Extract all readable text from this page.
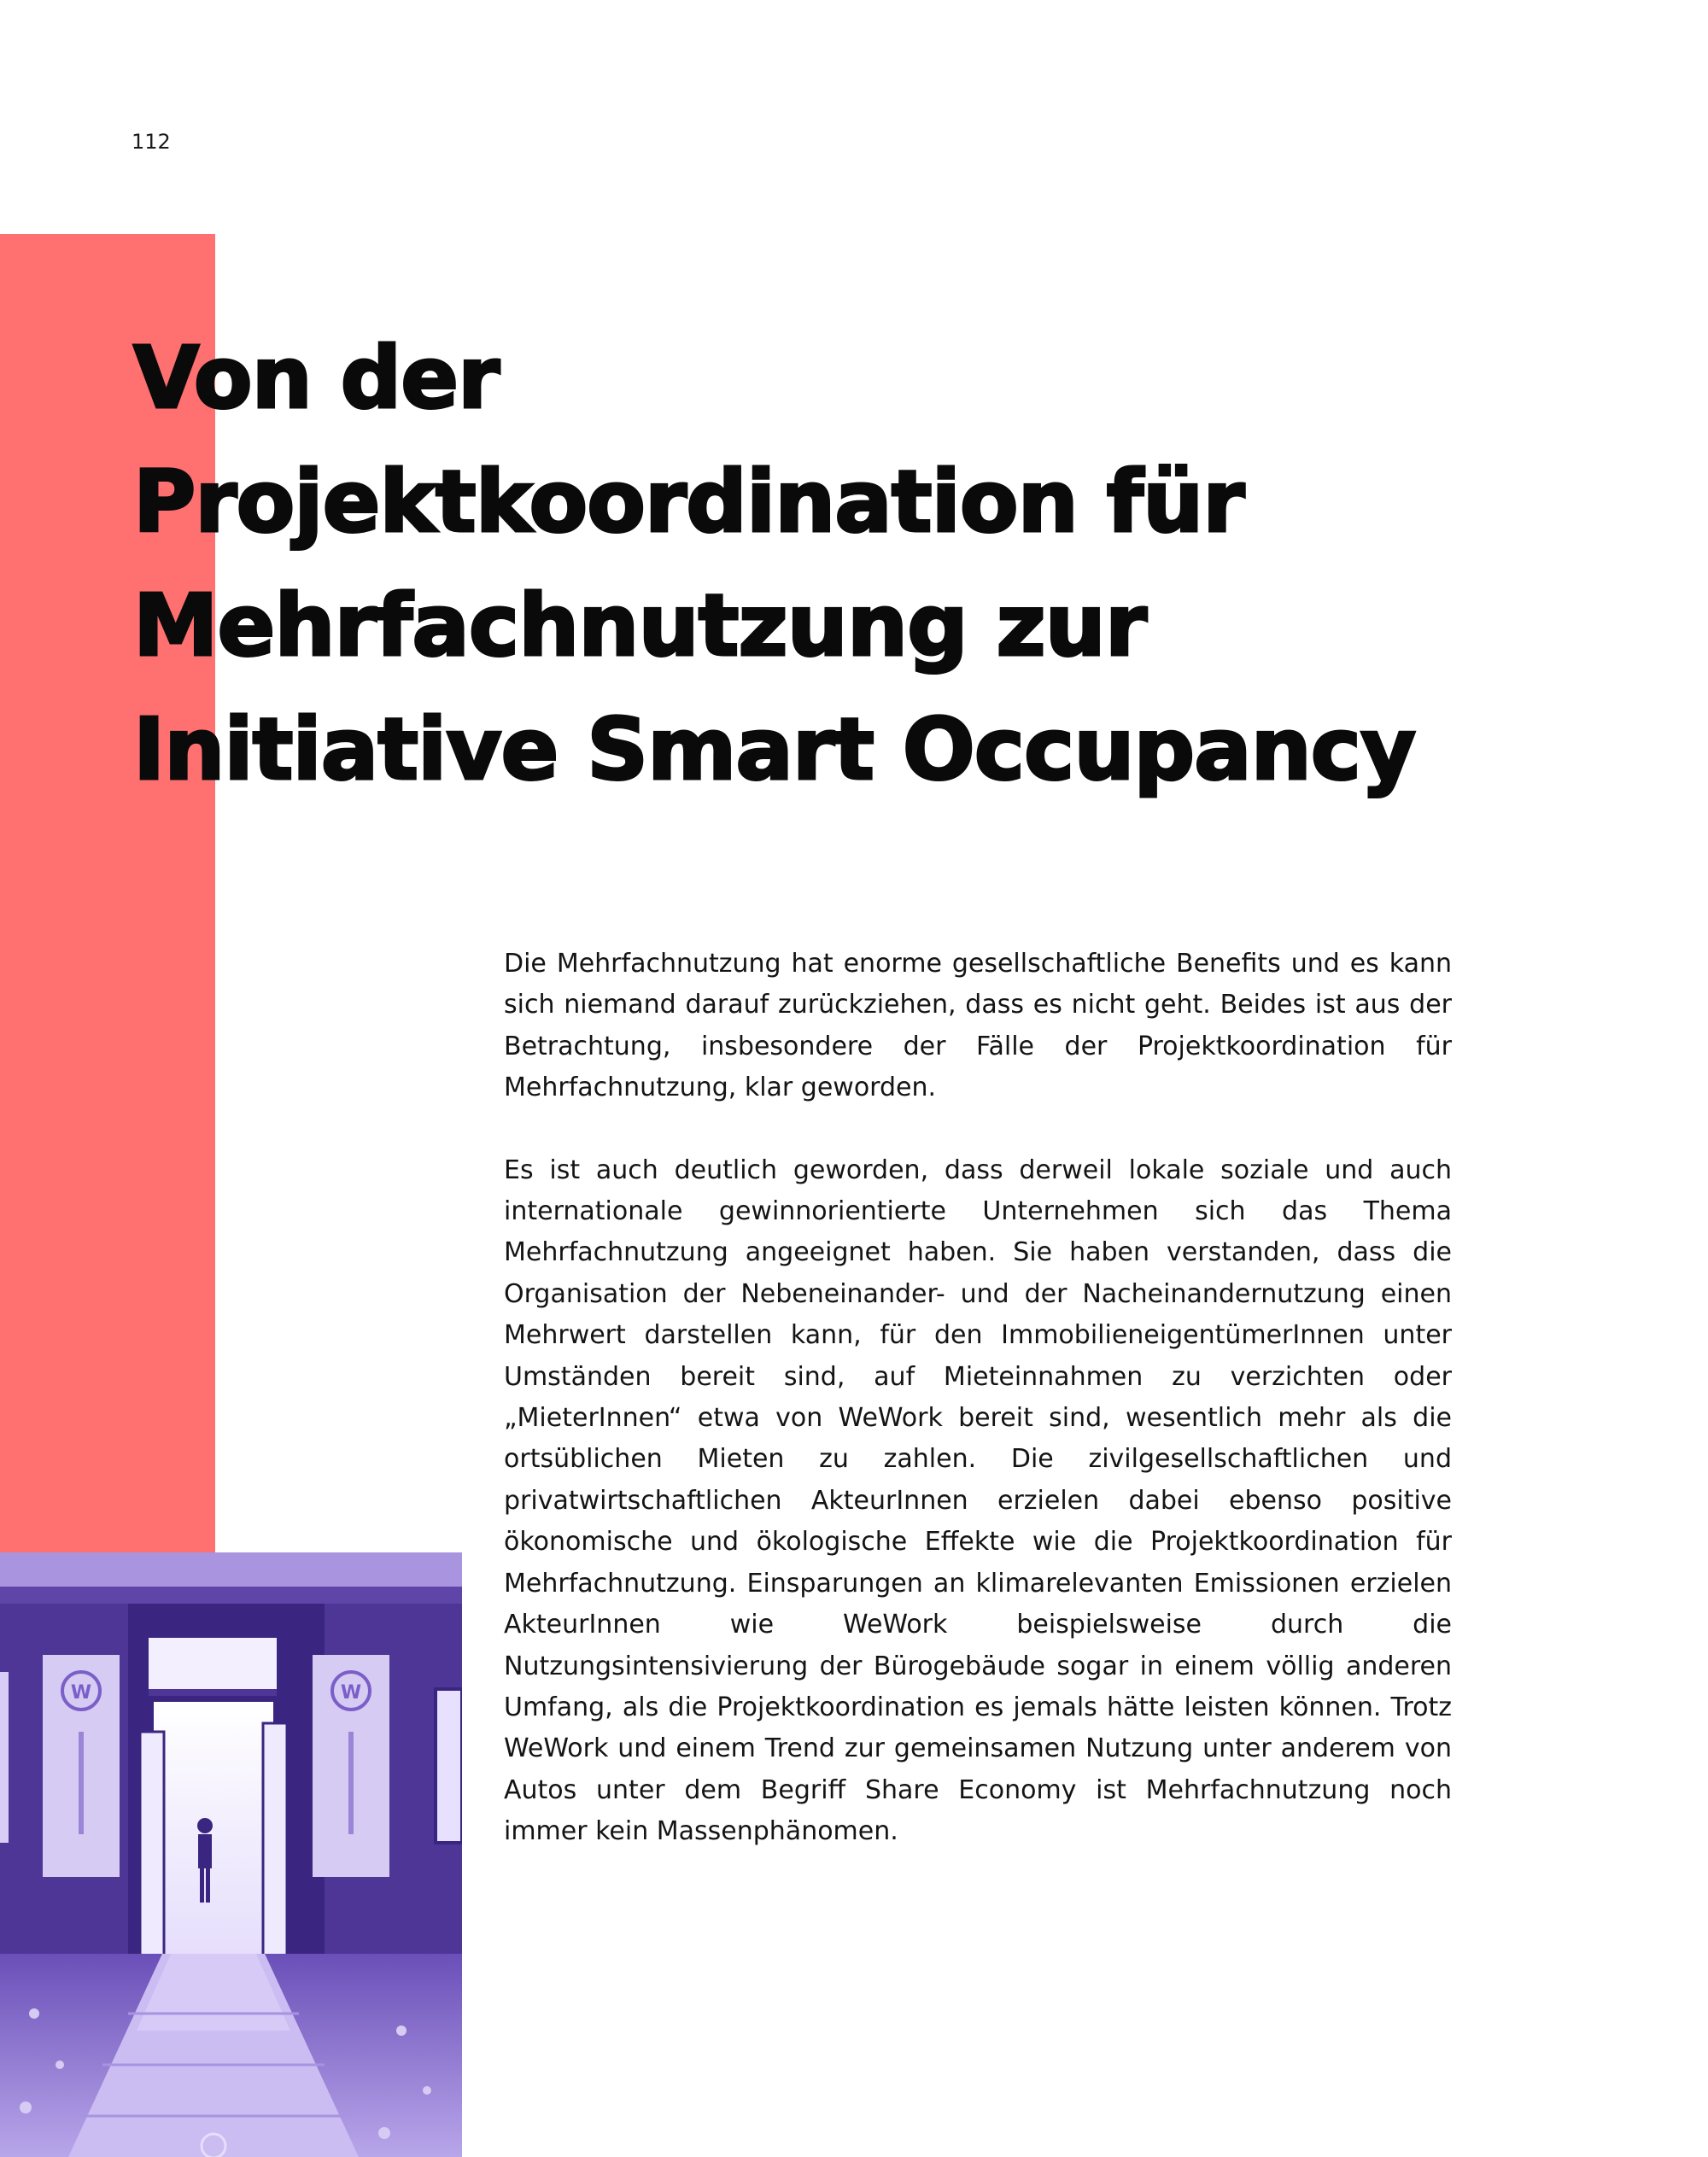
112
Von der
Projektkoordination für
Mehrfachnutzung zur
Initiative Smart Occupancy

Die Mehrfachnutzung hat enorme gesellschaftliche Benefits und es kann sich niemand darauf zurückziehen, dass es nicht geht. Beides ist aus der Betrachtung, insbesondere der Fälle der Projektkoordination für Mehrfachnutzung, klar geworden.

Es ist auch deutlich geworden, dass derweil lokale soziale und auch internationale gewinnorientierte Unternehmen sich das Thema Mehrfachnutzung angeeignet haben. Sie haben verstanden, dass die Organisation der Nebeneinander- und der Nacheinandernutzung einen Mehrwert darstellen kann, für den ImmobilieneigentümerInnen unter Umständen bereit sind, auf Mieteinnahmen zu verzichten oder „MieterInnen“ etwa von WeWork bereit sind, wesentlich mehr als die ortsüblichen Mieten zu zahlen. Die zivilgesellschaftlichen und privatwirtschaftlichen AkteurInnen erzielen dabei ebenso positive ökonomische und ökologische Effekte wie die Projektkoordination für Mehrfachnutzung. Einsparungen an klimarelevanten Emissionen erzielen AkteurInnen wie WeWork beispielsweise durch die Nutzungsintensivierung der Bürogebäude sogar in einem völlig anderen Umfang, als die Projektkoordination es jemals hätte leisten können. Trotz WeWork und einem Trend zur gemeinsamen Nutzung unter anderem von Autos unter dem Begriff Share Economy ist Mehrfachnutzung noch immer kein Massenphänomen.

W	W
